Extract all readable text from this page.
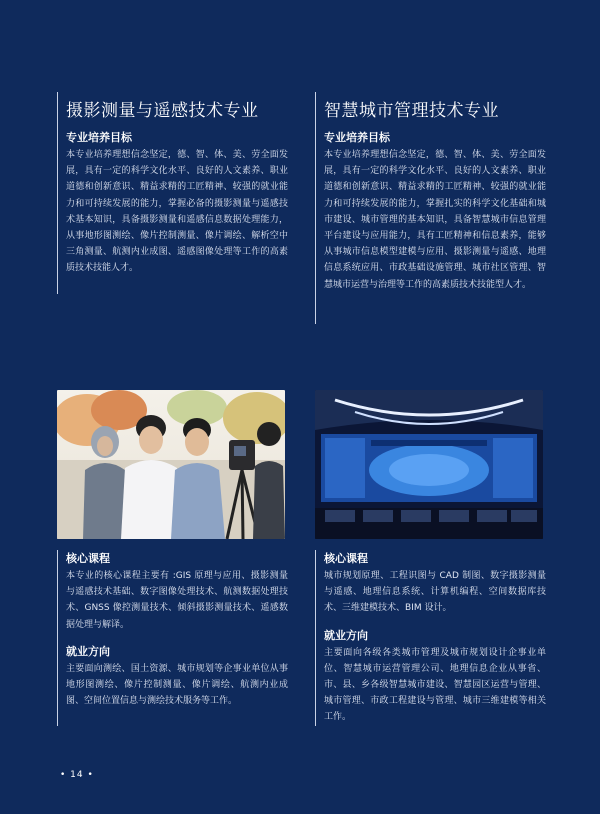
摄影测量与遥感技术专业
专业培养目标

本专业培养理想信念坚定，德、智、体、美、劳全面发展，具有一定的科学文化水平、良好的人文素养、职业道德和创新意识、精益求精的工匠精神、较强的就业能力和可持续发展的能力，掌握必备的摄影测量与遥感技术基本知识，具备摄影测量和遥感信息数据处理能力，从事地形图测绘、像片控制测量、像片调绘、解析空中三角测量、航测内业成图、遥感图像处理等工作的高素质技术技能人才。

智慧城市管理技术专业
专业培养目标

本专业培养理想信念坚定，德、智、体、美、劳全面发展，具有一定的科学文化水平、良好的人文素养、职业道德和创新意识、精益求精的工匠精神、较强的就业能力和可持续发展的能力，掌握扎实的科学文化基础和城市建设、城市管理的基本知识，具备智慧城市信息管理平台建设与应用能力，具有工匠精神和信息素养，能够从事城市信息模型建模与应用、摄影测量与遥感、地理信息系统应用、市政基础设施管理、城市社区管理、智慧城市运营与治理等工作的高素质技术技能型人才。

核心课程

本专业的核心课程主要有 :GIS 原理与应用、摄影测量与遥感技术基础、数字图像处理技术、航测数据处理技术、GNSS 像控测量技术、倾斜摄影测量技术、遥感数据处理与解译。

就业方向

主要面向测绘、国土资源、城市规划等企事业单位从事地形图测绘、像片控制测量、像片调绘、航测内业成图、空间位置信息与测绘技术服务等工作。

核心课程

城市规划原理、工程识图与 CAD 制图、数字摄影测量与遥感、地理信息系统、计算机编程、空间数据库技术、三维建模技术、BIM 设计。

就业方向

主要面向各级各类城市管理及城市规划设计企事业单位、智慧城市运营管理公司、地理信息企业从事省、市、县、乡各级智慧城市建设、智慧园区运营与管理、城市管理、市政工程建设与管理、城市三维建模等相关工作。

• 14 •
